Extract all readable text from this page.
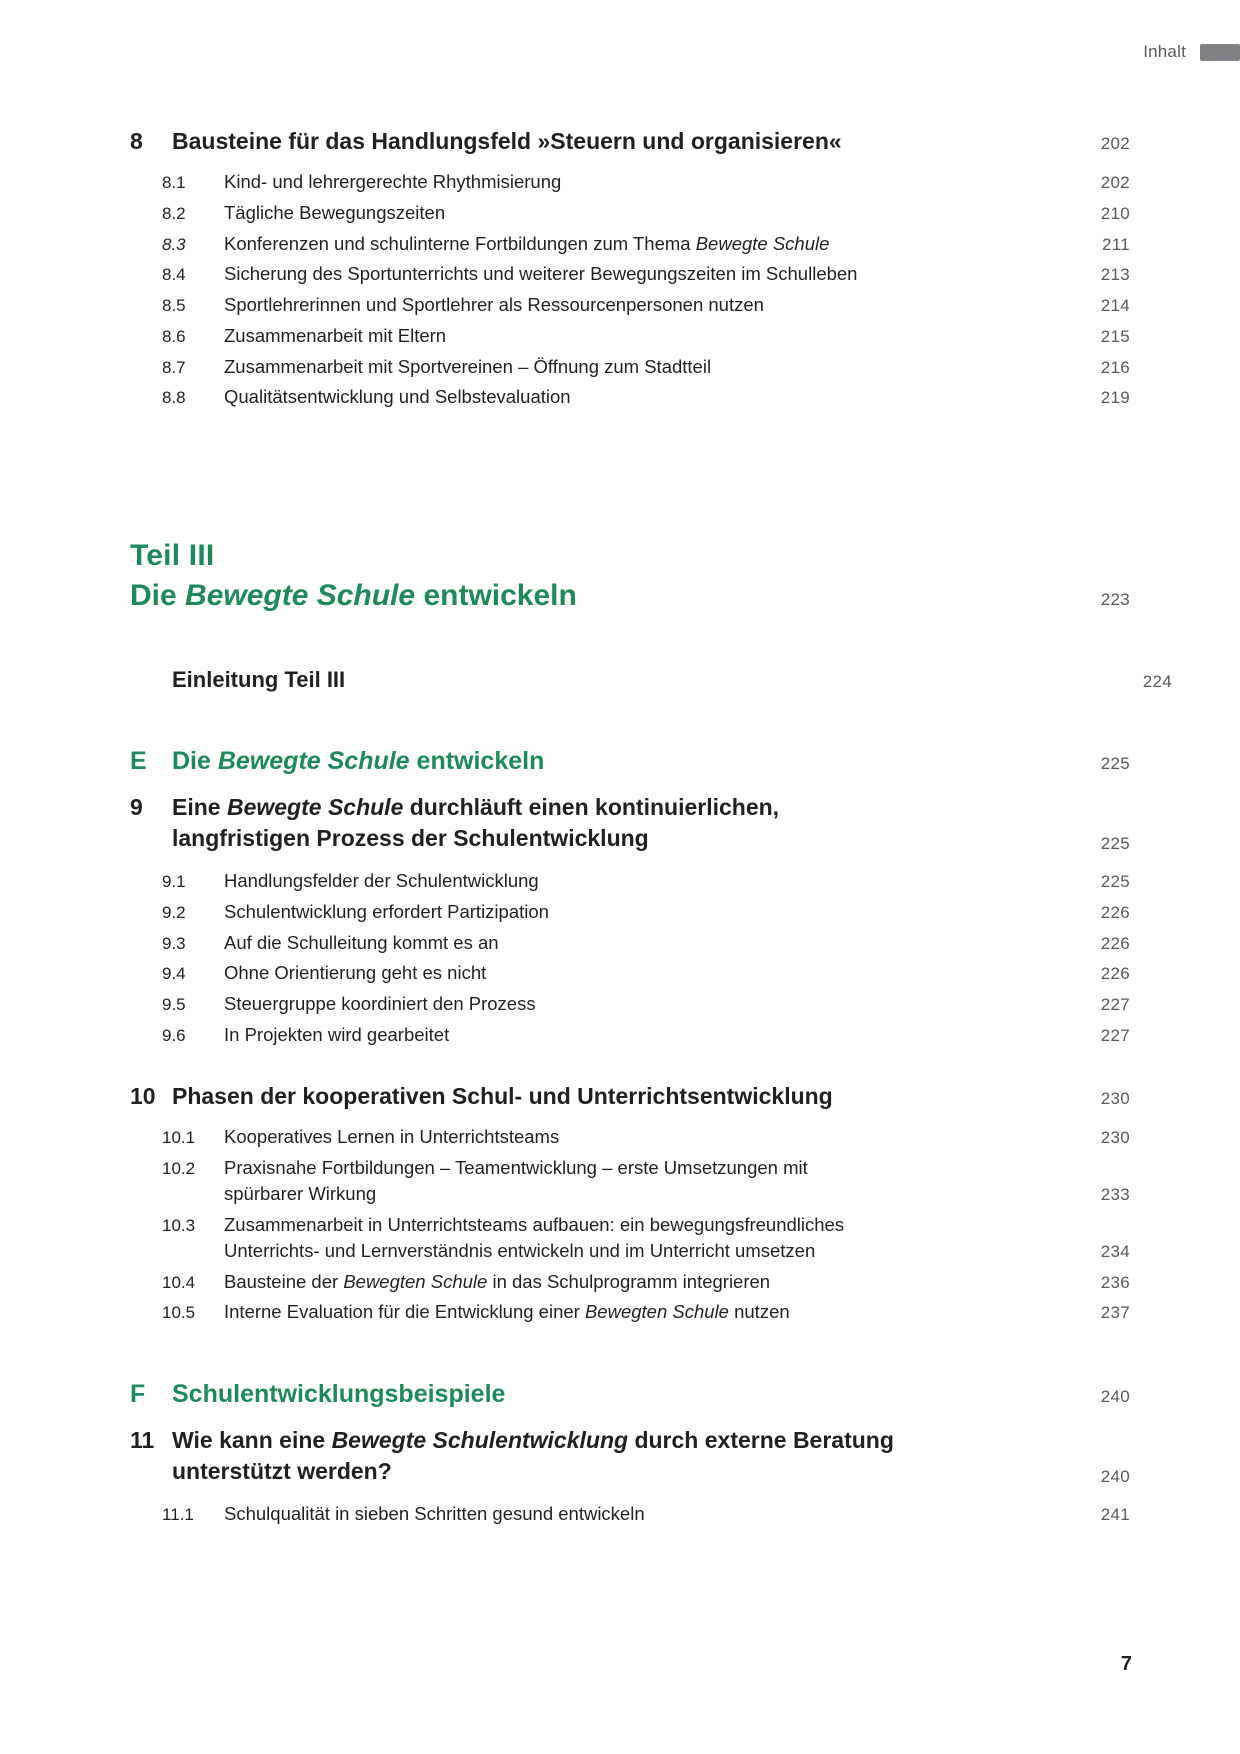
Inhalt
8	Bausteine für das Handlungsfeld »Steuern und organisieren«	202
8.1	Kind- und lehrergerechte Rhythmisierung	202
8.2	Tägliche Bewegungszeiten	210
8.3	Konferenzen und schulinterne Fortbildungen zum Thema Bewegte Schule	211
8.4	Sicherung des Sportunterrichts und weiterer Bewegungszeiten im Schulleben	213
8.5	Sportlehrerinnen und Sportlehrer als Ressourcenpersonen nutzen	214
8.6	Zusammenarbeit mit Eltern	215
8.7	Zusammenarbeit mit Sportvereinen – Öffnung zum Stadtteil	216
8.8	Qualitätsentwicklung und Selbstevaluation	219
Teil III
Die Bewegte Schule entwickeln	223
Einleitung Teil III	224
E	Die Bewegte Schule entwickeln	225
9	Eine Bewegte Schule durchläuft einen kontinuierlichen,
langfristigen Prozess der Schulentwicklung	225
9.1	Handlungsfelder der Schulentwicklung	225
9.2	Schulentwicklung erfordert Partizipation	226
9.3	Auf die Schulleitung kommt es an	226
9.4	Ohne Orientierung geht es nicht	226
9.5	Steuergruppe koordiniert den Prozess	227
9.6	In Projekten wird gearbeitet	227
10 Phasen der kooperativen Schul- und Unterrichtsentwicklung	230
10.1	Kooperatives Lernen in Unterrichtsteams	230
10.2	Praxisnahe Fortbildungen – Teamentwicklung – erste Umsetzungen mit
spürbarer Wirkung	233
10.3	Zusammenarbeit in Unterrichtsteams aufbauen: ein bewegungsfreundliches
Unterrichts- und Lernverständnis entwickeln und im Unterricht umsetzen	234
10.4	Bausteine der Bewegten Schule in das Schulprogramm integrieren	236
10.5	Interne Evaluation für die Entwicklung einer Bewegten Schule nutzen	237
F	Schulentwicklungsbeispiele	240
11 Wie kann eine Bewegte Schulentwicklung durch externe Beratung
unterstützt werden?	240
11.1	Schulqualität in sieben Schritten gesund entwickeln	241
7
